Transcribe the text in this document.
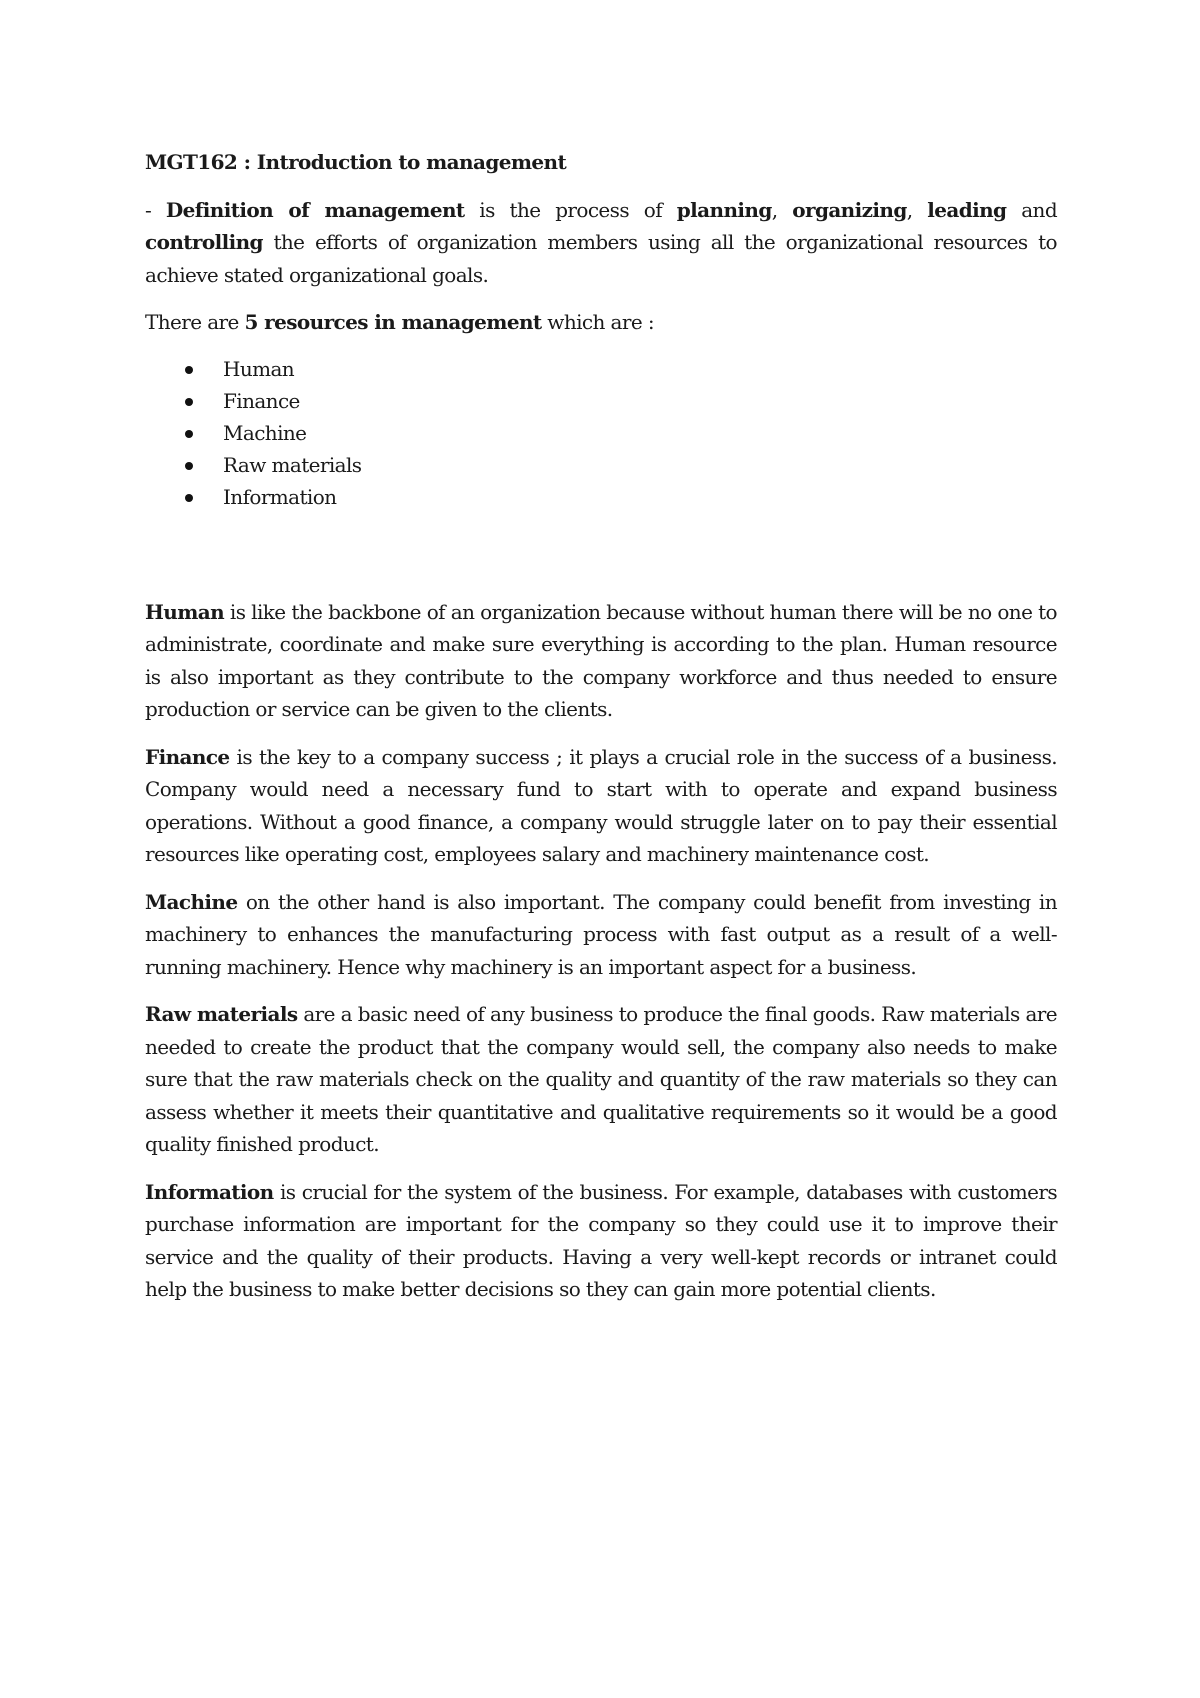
MGT162 : Introduction to management

- Definition of management is the process of planning, organizing, leading and controlling the efforts of organization members using all the organizational resources to achieve stated organizational goals.

There are 5 resources in management which are :

Human
Finance
Machine
Raw materials
Information

Human is like the backbone of an organization because without human there will be no one to administrate, coordinate and make sure everything is according to the plan. Human resource is also important as they contribute to the company workforce and thus needed to ensure production or service can be given to the clients.

Finance is the key to a company success ; it plays a crucial role in the success of a business. Company would need a necessary fund to start with to operate and expand business operations. Without a good finance, a company would struggle later on to pay their essential resources like operating cost, employees salary and machinery maintenance cost.

Machine on the other hand is also important. The company could benefit from investing in machinery to enhances the manufacturing process with fast output as a result of a well-running machinery. Hence why machinery is an important aspect for a business.

Raw materials are a basic need of any business to produce the final goods. Raw materials are needed to create the product that the company would sell, the company also needs to make sure that the raw materials check on the quality and quantity of the raw materials so they can assess whether it meets their quantitative and qualitative requirements so it would be a good quality finished product.

Information is crucial for the system of the business. For example, databases with customers purchase information are important for the company so they could use it to improve their service and the quality of their products. Having a very well-kept records or intranet could help the business to make better decisions so they can gain more potential clients.
